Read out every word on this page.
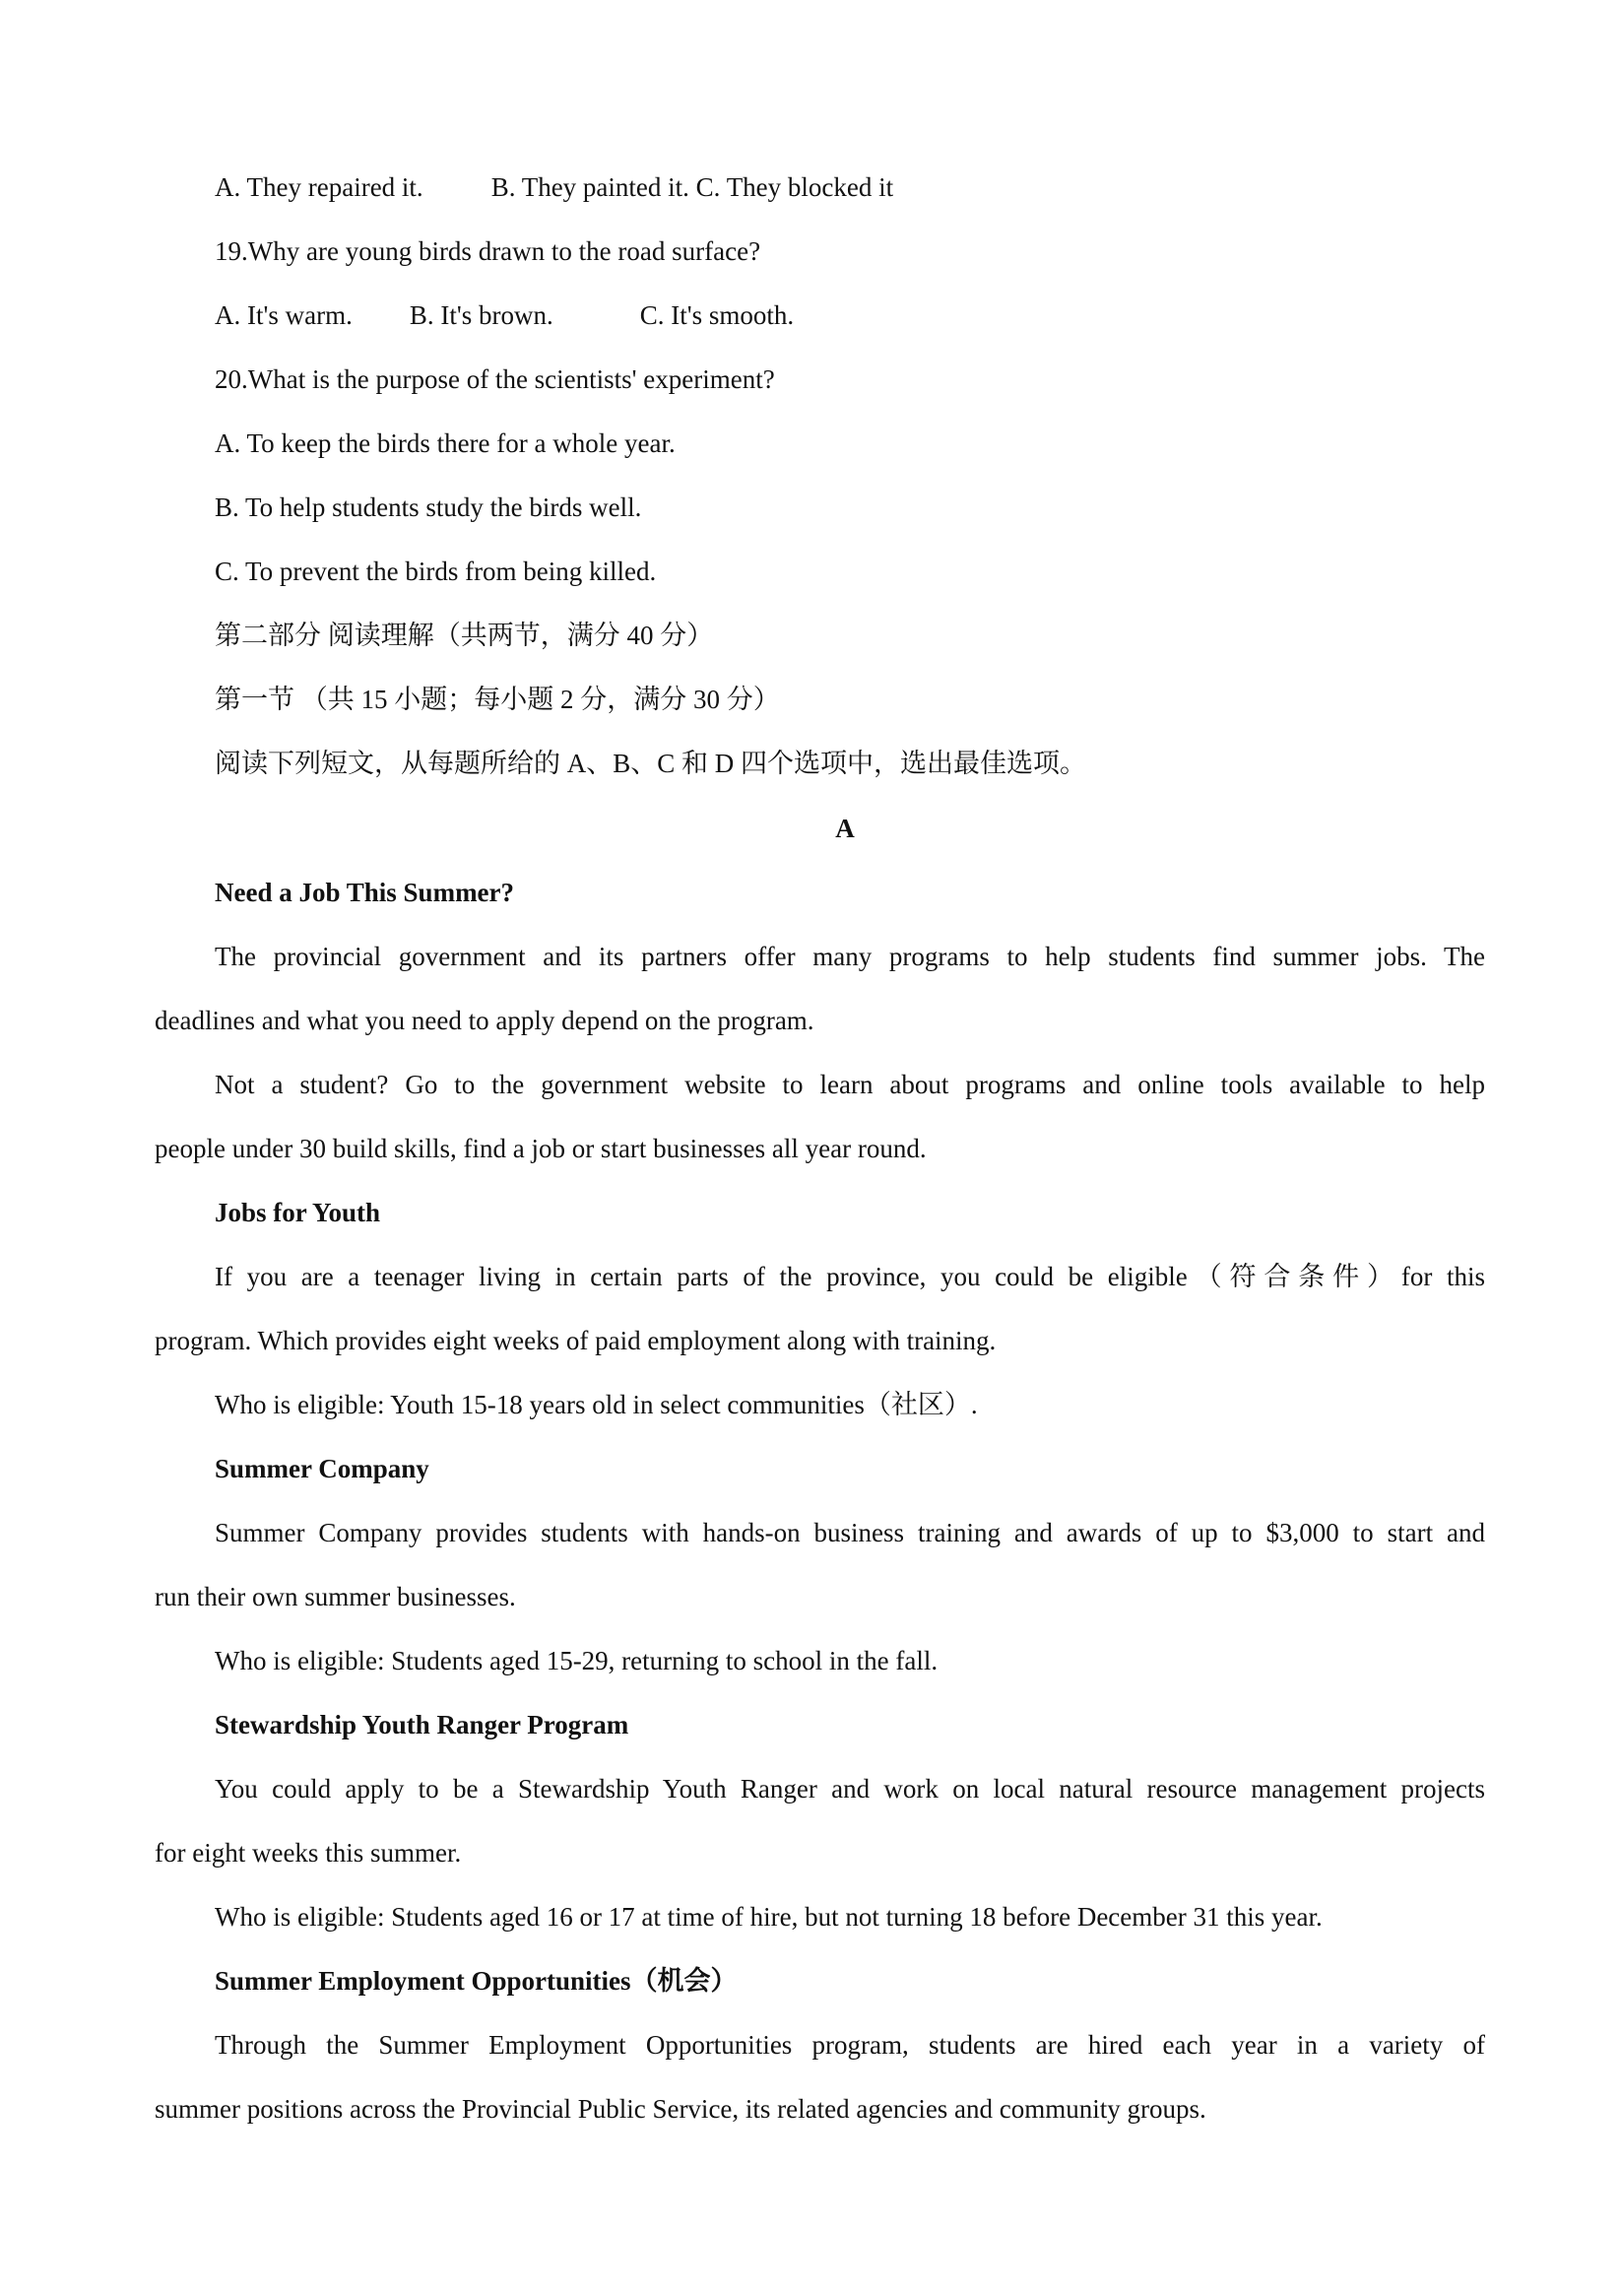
A. They repaired it.	B. They painted it. C. They blocked it
19.Why are young birds drawn to the road surface?
A. It's warm. B. It's brown.	C. It's smooth.
20.What is the purpose of the scientists' experiment?
A. To keep the birds there for a whole year.
B. To help students study the birds well.
C. To prevent the birds from being killed.
第二部分 阅读理解（共两节，满分 40 分）
第一节 （共 15 小题；每小题 2 分，满分 30 分）
阅读下列短文，从每题所给的 A、B、C 和 D 四个选项中，选出最佳选项。
A
Need a Job This Summer?
The provincial government and its partners offer many programs to help students find summer jobs. The
deadlines and what you need to apply depend on the program.
Not a student? Go to the government website to learn about programs and online tools available to help
people under 30 build skills, find a job or start businesses all year round.
Jobs for Youth
If you are a teenager living in certain parts of the province, you could be eligible（符合条件）for this
program. Which provides eight weeks of paid employment along with training.
Who is eligible: Youth 15-18 years old in select communities（社区）.
Summer Company
Summer Company provides students with hands-on business training and awards of up to $3,000 to start and
run their own summer businesses.
Who is eligible: Students aged 15-29, returning to school in the fall.
Stewardship Youth Ranger Program
You could apply to be a Stewardship Youth Ranger and work on local natural resource management projects
for eight weeks this summer.
Who is eligible: Students aged 16 or 17 at time of hire, but not turning 18 before December 31 this year.
Summer Employment Opportunities（机会）
Through the Summer Employment Opportunities program, students are hired each year in a variety of
summer positions across the Provincial Public Service, its related agencies and community groups.
